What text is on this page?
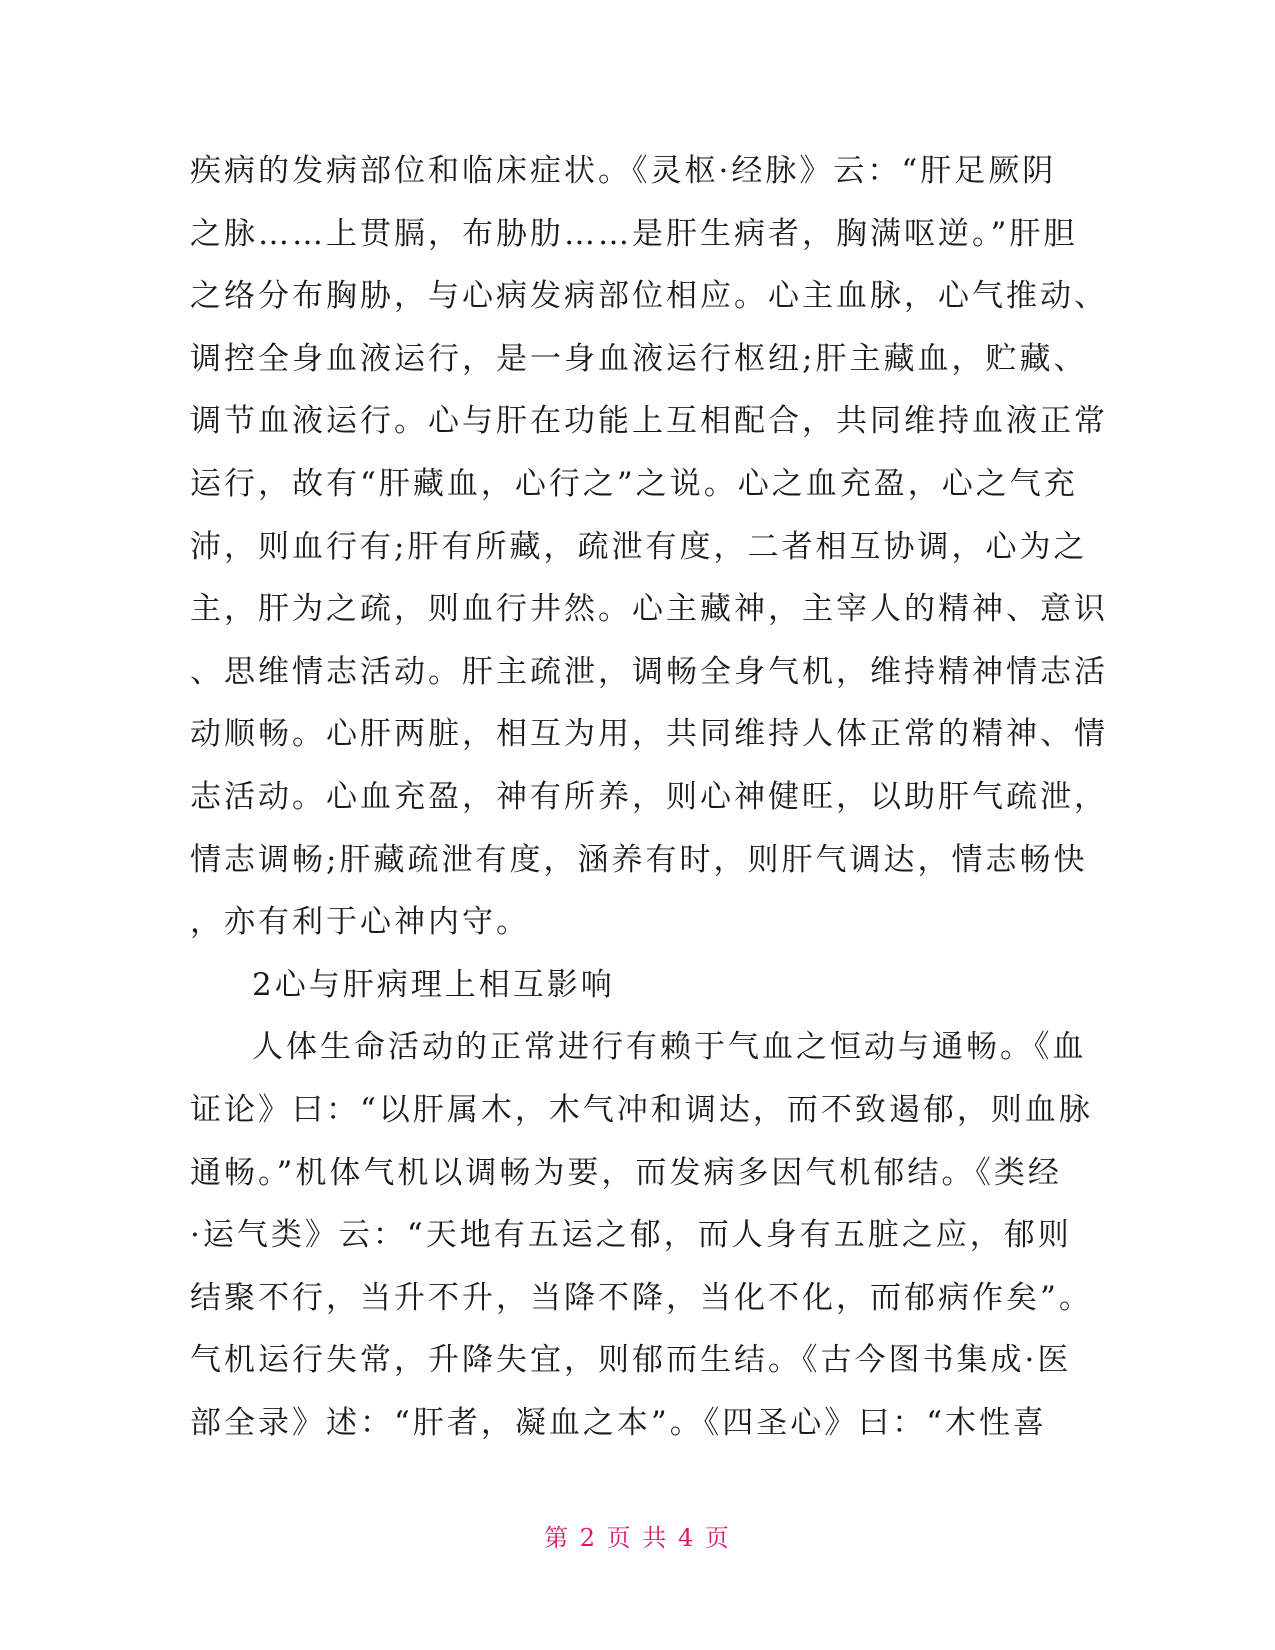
疾病的发病部位和临床症状。《灵枢·经脉》云：“肝足厥阴
之脉……上贯膈，布胁肋……是肝生病者，胸满呕逆。”肝胆
之络分布胸胁，与心病发病部位相应。心主血脉，心气推动、
调控全身血液运行，是一身血液运行枢纽;肝主藏血，贮藏、
调节血液运行。心与肝在功能上互相配合，共同维持血液正常
运行，故有“肝藏血，心行之”之说。心之血充盈，心之气充
沛，则血行有;肝有所藏，疏泄有度，二者相互协调，心为之
主，肝为之疏，则血行井然。心主藏神，主宰人的精神、意识
、思维情志活动。肝主疏泄，调畅全身气机，维持精神情志活
动顺畅。心肝两脏，相互为用，共同维持人体正常的精神、情
志活动。心血充盈，神有所养，则心神健旺，以助肝气疏泄，
情志调畅;肝藏疏泄有度，涵养有时，则肝气调达，情志畅快
，亦有利于心神内守。
2心与肝病理上相互影响
人体生命活动的正常进行有赖于气血之恒动与通畅。《血
证论》曰：“以肝属木，木气冲和调达，而不致遏郁，则血脉
通畅。”机体气机以调畅为要，而发病多因气机郁结。《类经
·运气类》云：“天地有五运之郁，而人身有五脏之应，郁则
结聚不行，当升不升，当降不降，当化不化，而郁病作矣”。
气机运行失常，升降失宜，则郁而生结。《古今图书集成·医
部全录》述：“肝者，凝血之本”。《四圣心》曰：“木性喜
第 2 页 共 4 页
